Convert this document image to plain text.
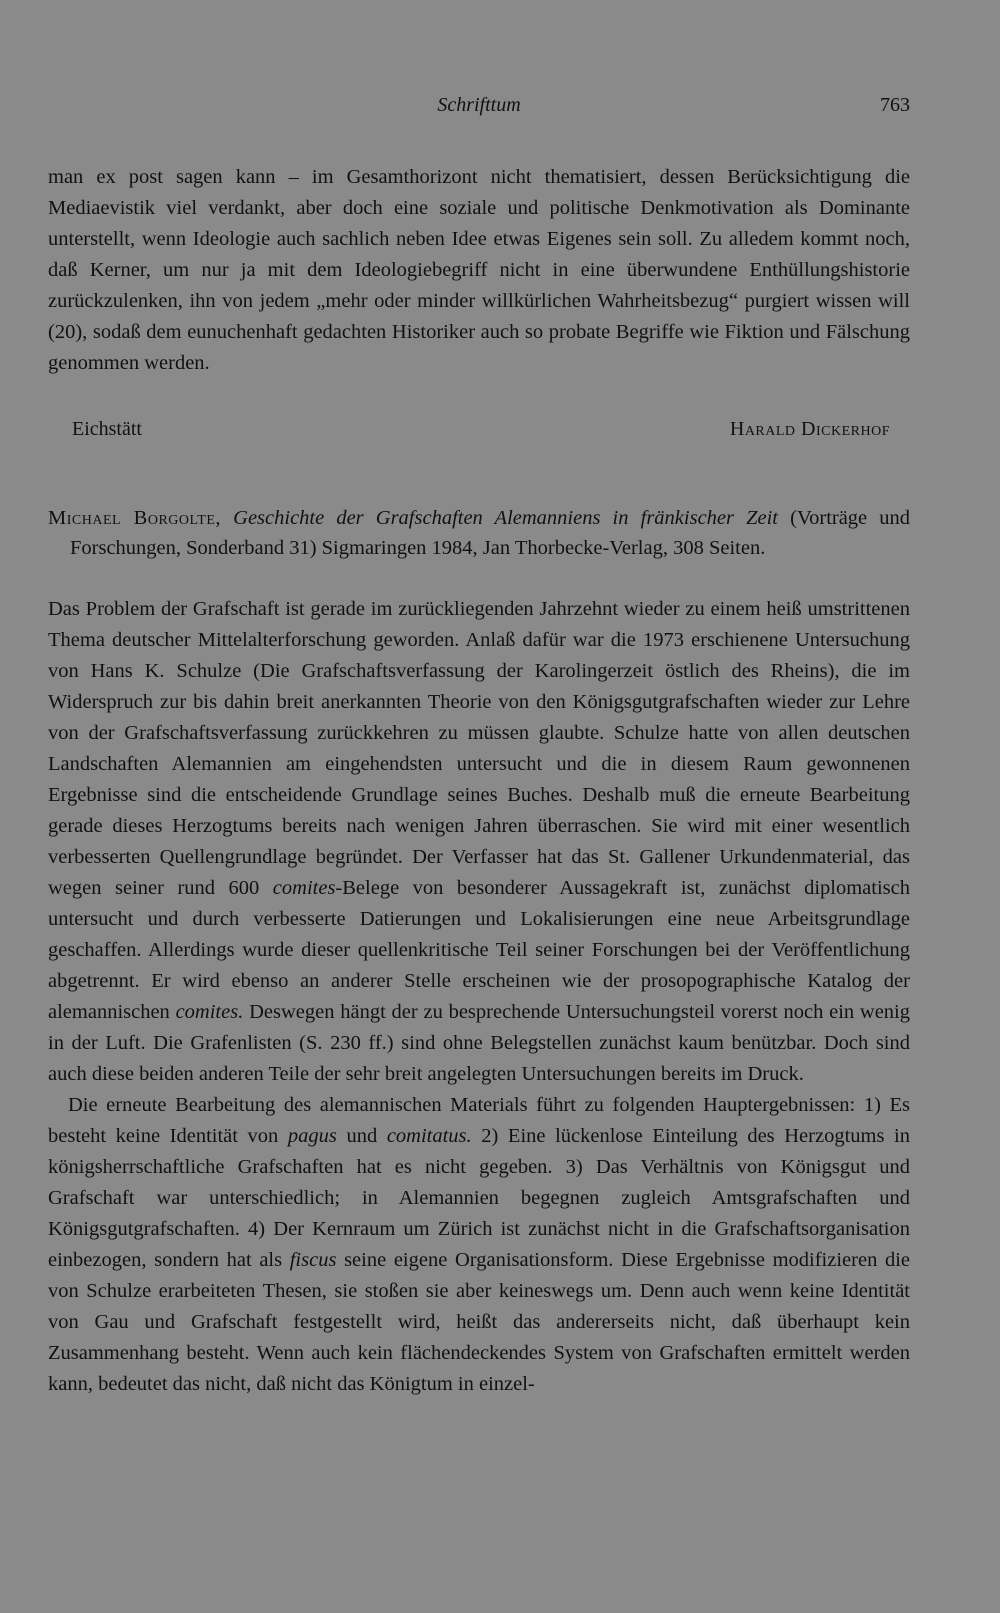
Schrifttum	763

man ex post sagen kann – im Gesamthorizont nicht thematisiert, dessen Berücksichtigung die Mediaevistik viel verdankt, aber doch eine soziale und politische Denkmotivation als Dominante unterstellt, wenn Ideologie auch sachlich neben Idee etwas Eigenes sein soll. Zu alledem kommt noch, daß Kerner, um nur ja mit dem Ideologiebegriff nicht in eine überwundene Enthüllungshistorie zurückzulenken, ihn von jedem „mehr oder minder willkürlichen Wahrheitsbezug“ purgiert wissen will (20), sodaß dem eunuchenhaft gedachten Historiker auch so probate Begriffe wie Fiktion und Fälschung genommen werden.

Eichstätt	Harald Dickerhof
Michael Borgolte, Geschichte der Grafschaften Alemanniens in fränkischer Zeit (Vorträge und Forschungen, Sonderband 31) Sigmaringen 1984, Jan Thorbecke-Verlag, 308 Seiten.

Das Problem der Grafschaft ist gerade im zurückliegenden Jahrzehnt wieder zu einem heiß umstrittenen Thema deutscher Mittelalterforschung geworden. Anlaß dafür war die 1973 erschienene Untersuchung von Hans K. Schulze (Die Grafschaftsverfassung der Karolingerzeit östlich des Rheins), die im Widerspruch zur bis dahin breit anerkannten Theorie von den Königsgutgrafschaften wieder zur Lehre von der Grafschaftsverfassung zurückkehren zu müssen glaubte. Schulze hatte von allen deutschen Landschaften Alemannien am eingehendsten untersucht und die in diesem Raum gewonnenen Ergebnisse sind die entscheidende Grundlage seines Buches. Deshalb muß die erneute Bearbeitung gerade dieses Herzogtums bereits nach wenigen Jahren überraschen. Sie wird mit einer wesentlich verbesserten Quellengrundlage begründet. Der Verfasser hat das St. Gallener Urkundenmaterial, das wegen seiner rund 600 comites-Belege von besonderer Aussagekraft ist, zunächst diplomatisch untersucht und durch verbesserte Datierungen und Lokalisierungen eine neue Arbeitsgrundlage geschaffen. Allerdings wurde dieser quellenkritische Teil seiner Forschungen bei der Veröffentlichung abgetrennt. Er wird ebenso an anderer Stelle erscheinen wie der prosopographische Katalog der alemannischen comites. Deswegen hängt der zu besprechende Untersuchungsteil vorerst noch ein wenig in der Luft. Die Grafenlisten (S. 230 ff.) sind ohne Belegstellen zunächst kaum benützbar. Doch sind auch diese beiden anderen Teile der sehr breit angelegten Untersuchungen bereits im Druck.

Die erneute Bearbeitung des alemannischen Materials führt zu folgenden Hauptergebnissen: 1) Es besteht keine Identität von pagus und comitatus. 2) Eine lückenlose Einteilung des Herzogtums in königsherrschaftliche Grafschaften hat es nicht gegeben. 3) Das Verhältnis von Königsgut und Grafschaft war unterschiedlich; in Alemannien begegnen zugleich Amtsgrafschaften und Königsgutgrafschaften. 4) Der Kernraum um Zürich ist zunächst nicht in die Grafschaftsorganisation einbezogen, sondern hat als fiscus seine eigene Organisationsform. Diese Ergebnisse modifizieren die von Schulze erarbeiteten Thesen, sie stoßen sie aber keineswegs um. Denn auch wenn keine Identität von Gau und Grafschaft festgestellt wird, heißt das andererseits nicht, daß überhaupt kein Zusammenhang besteht. Wenn auch kein flächendeckendes System von Grafschaften ermittelt werden kann, bedeutet das nicht, daß nicht das Königtum in einzel-
